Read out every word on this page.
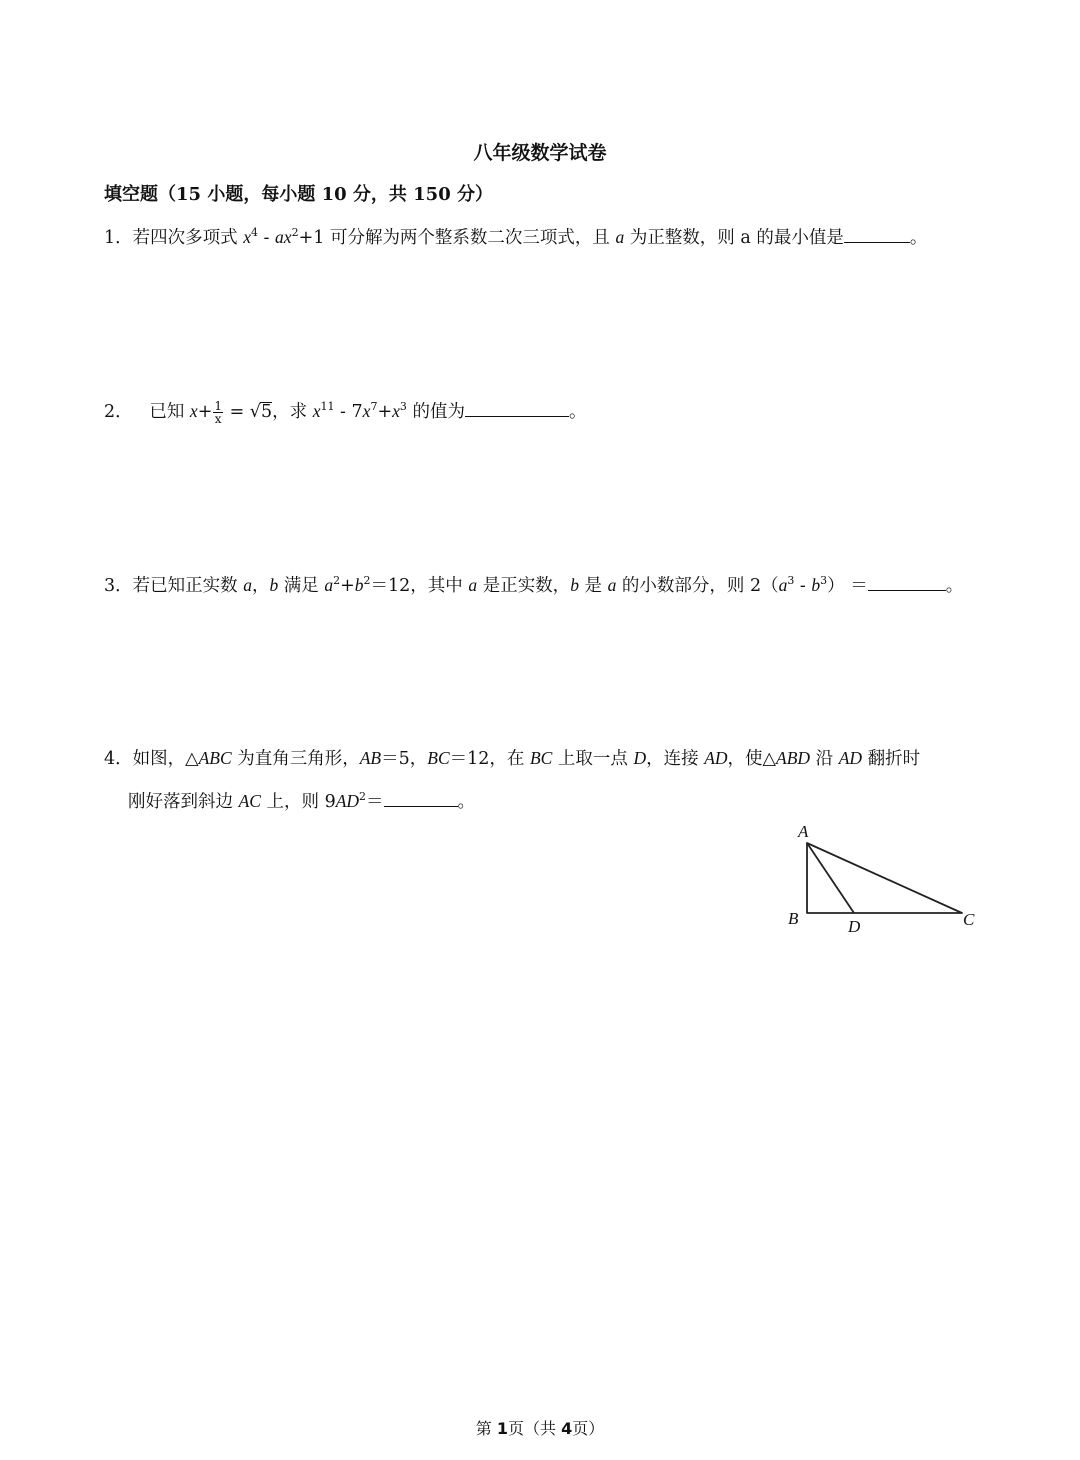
八年级数学试卷
填空题（15 小题，每小题 10 分，共 150 分）
1．若四次多项式 $x^4 - ax^2+1$ 可分解为两个整系数二次三项式，且 a 为正整数，则 a 的最小值是	。
2． 已知 $x+ \frac{1}{x} = √5$，求 $x^{11} - 7x^7+x^3$ 的值为	。
3．若已知正实数 a，b 满足 $a^2+b^2=12$，其中 a 是正实数，b 是 a 的小数部分，则 $2(a^3 - b^3)$ ＝	。
4．如图，△ABC 为直角三角形，AB＝5，BC＝12，在 BC 上取一点 D，连接 AD，使△ABD 沿 AD 翻折时
刚好落到斜边 AC 上，则 $9AD^2=$	。
A
B	D	C
第 1页（共 4页）
